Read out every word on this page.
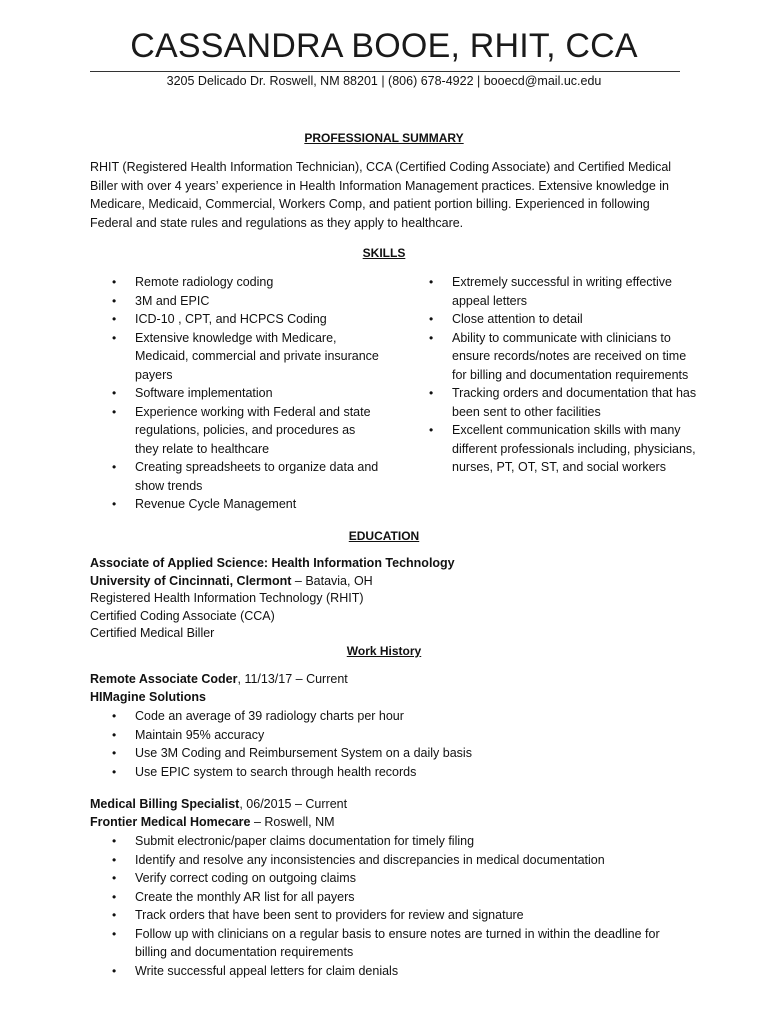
CASSANDRA BOOE, RHIT, CCA
3205 Delicado Dr. Roswell, NM 88201 | (806) 678-4922 | booecd@mail.uc.edu
PROFESSIONAL SUMMARY
RHIT (Registered Health Information Technician), CCA (Certified Coding Associate) and Certified Medical Biller with over 4 years’ experience in Health Information Management practices. Extensive knowledge in Medicare, Medicaid, Commercial, Workers Comp, and patient portion billing. Experienced in following Federal and state rules and regulations as they apply to healthcare.
SKILLS
• Remote radiology coding
• 3M and EPIC
• ICD-10 , CPT, and HCPCS Coding
• Extensive knowledge with Medicare, Medicaid, commercial and private insurance payers
• Software implementation
• Experience working with Federal and state regulations, policies, and procedures as they relate to healthcare
• Creating spreadsheets to organize data and show trends
• Revenue Cycle Management
• Extremely successful in writing effective appeal letters
• Close attention to detail
• Ability to communicate with clinicians to ensure records/notes are received on time for billing and documentation requirements
• Tracking orders and documentation that has been sent to other facilities
• Excellent communication skills with many different professionals including, physicians, nurses, PT, OT, ST, and social workers
EDUCATION
Associate of Applied Science: Health Information Technology
University of Cincinnati, Clermont – Batavia, OH
Registered Health Information Technology (RHIT)
Certified Coding Associate (CCA)
Certified Medical Biller
Work History
Remote Associate Coder, 11/13/17 – Current
HIMagine Solutions
• Code an average of 39 radiology charts per hour
• Maintain 95% accuracy
• Use 3M Coding and Reimbursement System on a daily basis
• Use EPIC system to search through health records
Medical Billing Specialist, 06/2015 – Current
Frontier Medical Homecare – Roswell, NM
• Submit electronic/paper claims documentation for timely filing
• Identify and resolve any inconsistencies and discrepancies in medical documentation
• Verify correct coding on outgoing claims
• Create the monthly AR list for all payers
• Track orders that have been sent to providers for review and signature
• Follow up with clinicians on a regular basis to ensure notes are turned in within the deadline for billing and documentation requirements
• Write successful appeal letters for claim denials
